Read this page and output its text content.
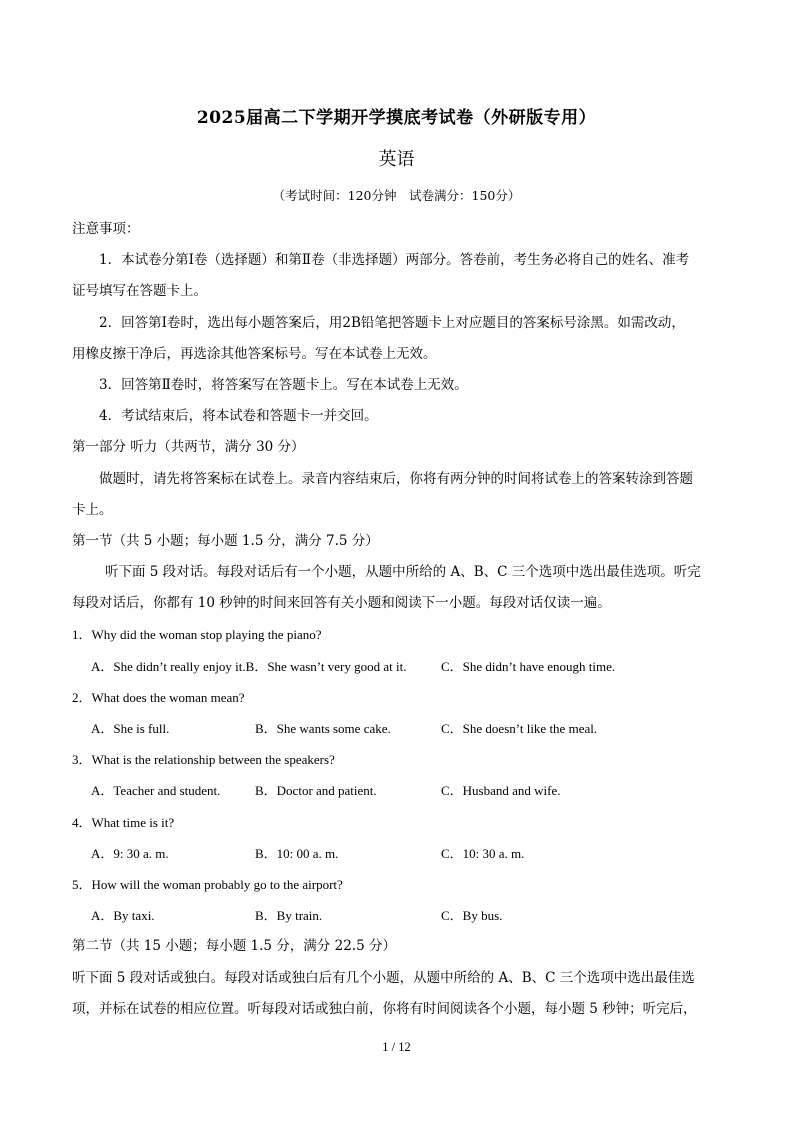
2025届高二下学期开学摸底考试卷（外研版专用）
英语
（考试时间：120分钟　试卷满分：150分）
注意事项：
1．本试卷分第Ⅰ卷（选择题）和第Ⅱ卷（非选择题）两部分。答卷前，考生务必将自己的姓名、准考
证号填写在答题卡上。
2．回答第Ⅰ卷时，选出每小题答案后，用2B铅笔把答题卡上对应题目的答案标号涂黑。如需改动，
用橡皮擦干净后，再选涂其他答案标号。写在本试卷上无效。
3．回答第Ⅱ卷时，将答案写在答题卡上。写在本试卷上无效。
4．考试结束后，将本试卷和答题卡一并交回。
第一部分 听力（共两节，满分 30 分）
做题时，请先将答案标在试卷上。录音内容结束后，你将有两分钟的时间将试卷上的答案转涂到答题
卡上。
第一节（共 5 小题；每小题 1.5 分，满分 7.5 分）
听下面 5 段对话。每段对话后有一个小题，从题中所给的 A、B、C 三个选项中选出最佳选项。听完
每段对话后，你都有 10 秒钟的时间来回答有关小题和阅读下一小题。每段对话仅读一遍。
1．Why did the woman stop playing the piano?
A．She didn’t really enjoy it.B．She wasn’t very good at it.	C．She didn’t have enough time.
2．What does the woman mean?
A．She is full.	B．She wants some cake.	C．She doesn’t like the meal.
3．What is the relationship between the speakers?
A．Teacher and student.	B．Doctor and patient.	C．Husband and wife.
4．What time is it?
A．9: 30 a. m.	B．10: 00 a. m.	C．10: 30 a. m.
5．How will the woman probably go to the airport?
A．By taxi.	B．By train.	C．By bus.
第二节（共 15 小题；每小题 1.5 分，满分 22.5 分）
听下面 5 段对话或独白。每段对话或独白后有几个小题，从题中所给的 A、B、C 三个选项中选出最佳选
项，并标在试卷的相应位置。听每段对话或独白前，你将有时间阅读各个小题，每小题 5 秒钟；听完后，
1 / 12
